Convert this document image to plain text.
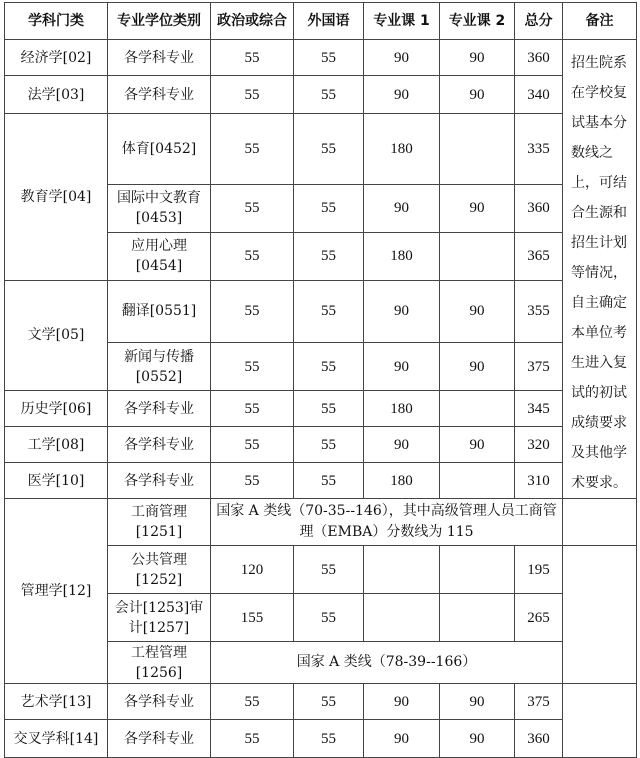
学科门类	专业学位类别	政治或综合	外国语	专业课 1	专业课 2	总分	备注
经济学[02]	各学科专业	55	55	90	90	360	招生院系在学校复试基本分数线之上，可结合生源和招生计划等情况，自主确定本单位考生进入复试的初试成绩要求及其他学术要求。
法学[03]	各学科专业	55	55	90	90	340	
教育学[04]	体育[0452]	55	55	180		335	
	国际中文教育[0453]	55	55	90	90	360	
	应用心理[0454]	55	55	180		365	
文学[05]	翻译[0551]	55	55	90	90	355	
	新闻与传播[0552]	55	55	90	90	375	
历史学[06]	各学科专业	55	55	180		345	
工学[08]	各学科专业	55	55	90	90	320	
医学[10]	各学科专业	55	55	180		310	
管理学[12]	工商管理[1251]	国家 A 类线（70-35--146），其中高级管理人员工商管理（EMBA）分数线为 115					
	公共管理[1252]	120	55			195	
	会计[1253]审计[1257]	155	55			265	
	工程管理[1256]	国家 A 类线（78-39--166）					
艺术学[13]	各学科专业	55	55	90	90	375	
交叉学科[14]	各学科专业	55	55	90	90	360	
